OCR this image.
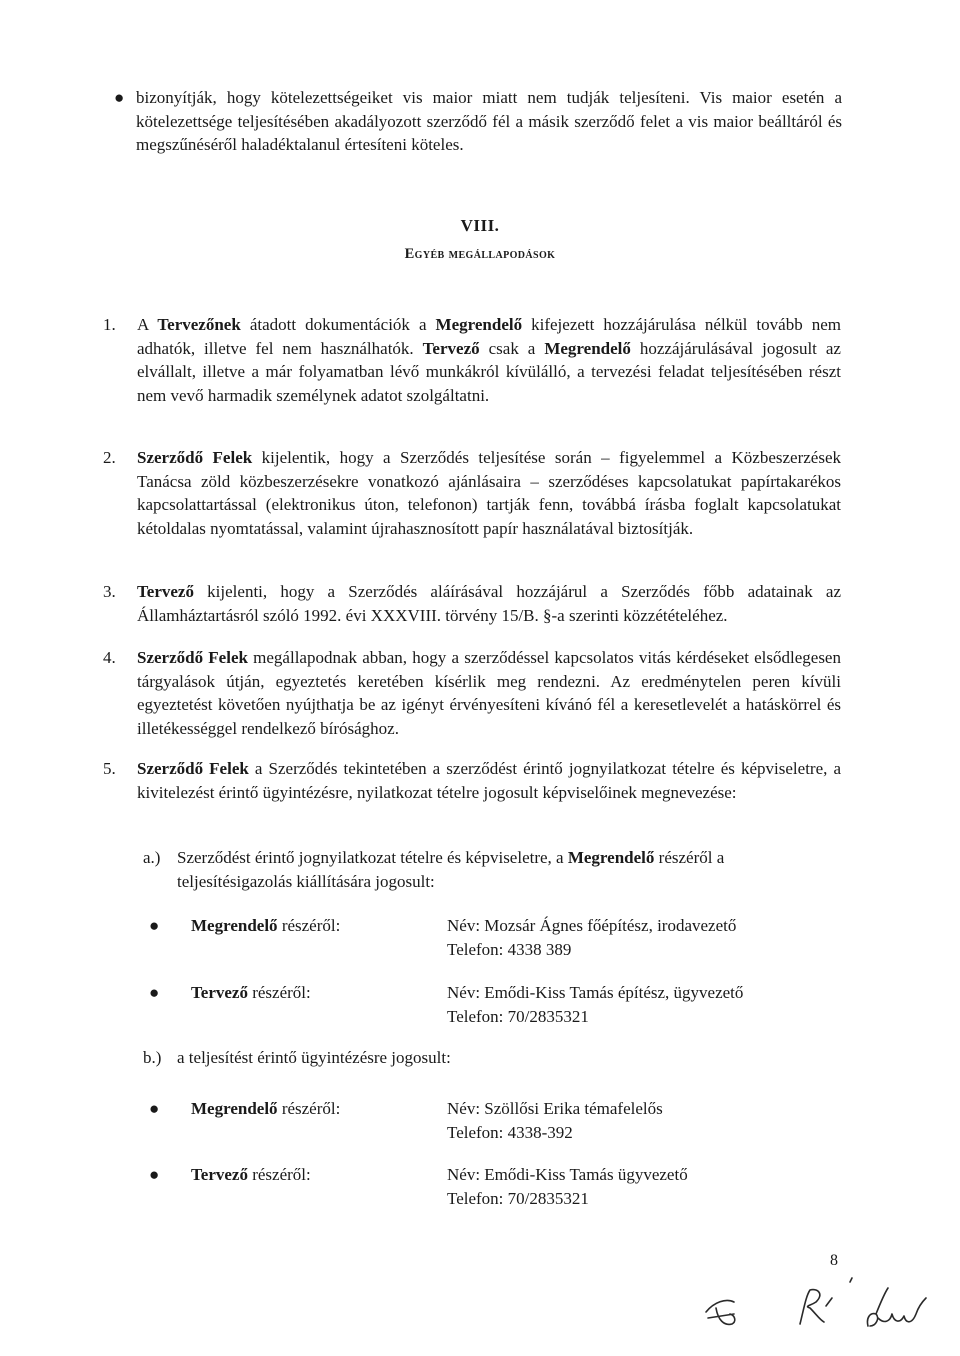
● bizonyítják, hogy kötelezettségeiket vis maior miatt nem tudják teljesíteni. Vis maior esetén a kötelezettsége teljesítésében akadályozott szerződő fél a másik szerződő felet a vis maior beálltáról és megszűnéséről haladéktalanul értesíteni köteles.
VIII.
Egyéb megállapodások
1. A Tervezőnek átadott dokumentációk a Megrendelő kifejezett hozzájárulása nélkül tovább nem adhatók, illetve fel nem használhatók. Tervező csak a Megrendelő hozzájárulásával jogosult az elvállalt, illetve a már folyamatban lévő munkákról kívülálló, a tervezési feladat teljesítésében részt nem vevő harmadik személynek adatot szolgáltatni.
2. Szerződő Felek kijelentik, hogy a Szerződés teljesítése során – figyelemmel a Közbeszerzések Tanácsa zöld közbeszerzésekre vonatkozó ajánlásaira – szerződéses kapcsolatukat papírtakarékos kapcsolattartással (elektronikus úton, telefonon) tartják fenn, továbbá írásba foglalt kapcsolatukat kétoldalas nyomtatással, valamint újrahasznosított papír használatával biztosítják.
3. Tervező kijelenti, hogy a Szerződés aláírásával hozzájárul a Szerződés főbb adatainak az Államháztartásról szóló 1992. évi XXXVIII. törvény 15/B. §-a szerinti közzétételéhez.
4. Szerződő Felek megállapodnak abban, hogy a szerződéssel kapcsolatos vitás kérdéseket elsődlegesen tárgyalások útján, egyeztetés keretében kísérlik meg rendezni. Az eredménytelen peren kívüli egyeztetést követően nyújthatja be az igényt érvényesíteni kívánó fél a keresetlevelét a hatáskörrel és illetékességgel rendelkező bírósághoz.
5. Szerződő Felek a Szerződés tekintetében a szerződést érintő jognyilatkozat tételre és képviseletre, a kivitelezést érintő ügyintézésre, nyilatkozat tételre jogosult képviselőinek megnevezése:
a.) Szerződést érintő jognyilatkozat tételre és képviseletre, a Megrendelő részéről a teljesítésigazolás kiállítására jogosult:
● Megrendelő részéről:	Név: Mozsár Ágnes főépítész, irodavezető
Telefon: 4338 389
● Tervező részéről:	Név: Emődi-Kiss Tamás építész, ügyvezető
Telefon: 70/2835321
b.) a teljesítést érintő ügyintézésre jogosult:
● Megrendelő részéről:	Név: Szöllősi Erika témafelelős
Telefon: 4338-392
● Tervező részéről:	Név: Emődi-Kiss Tamás ügyvezető
Telefon: 70/2835321
8
